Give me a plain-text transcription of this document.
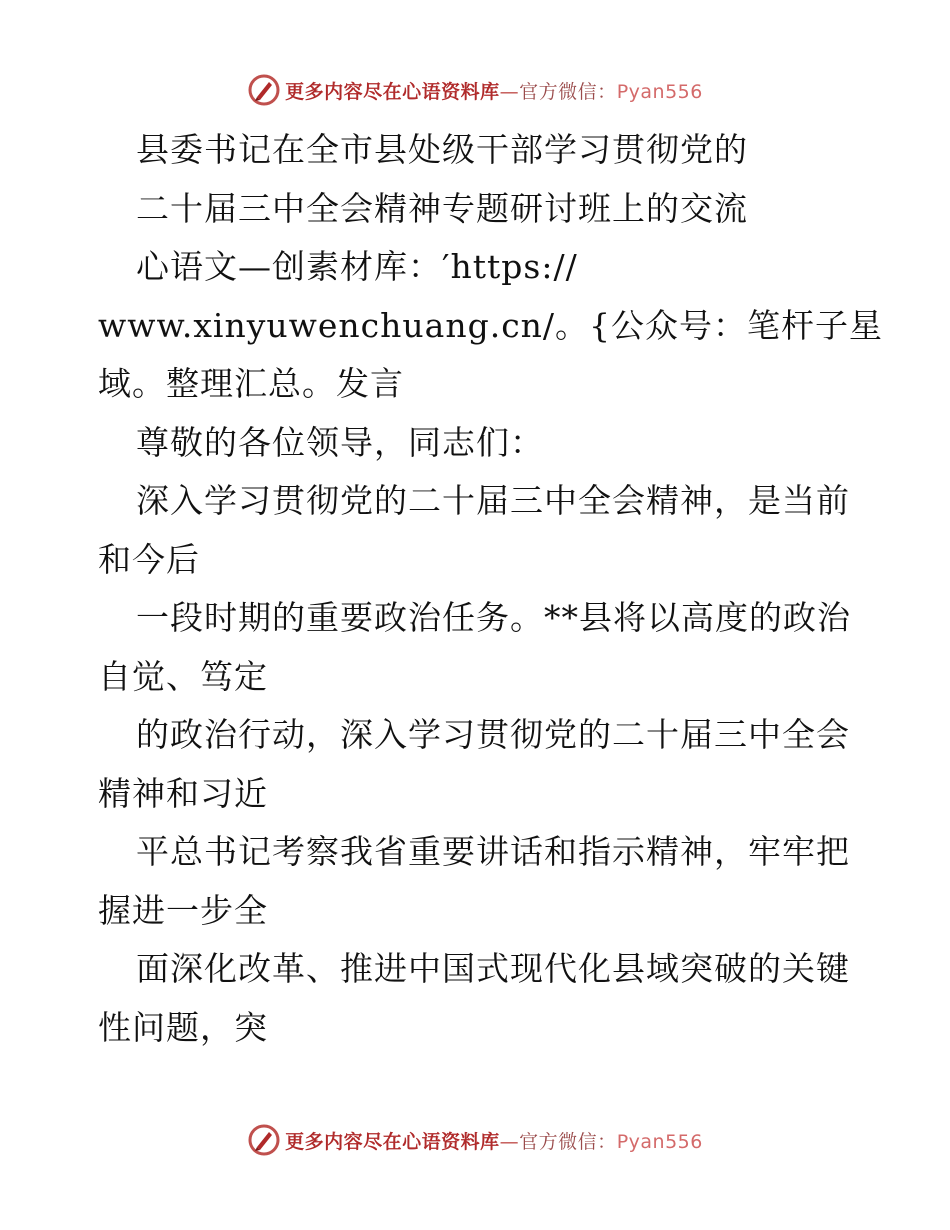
更多内容尽在心语资料库—官方微信：Pyan556
县委书记在全市县处级干部学习贯彻党的
二十届三中全会精神专题研讨班上的交流
心语文—创素材库：′https://
www.xinyuwenchuang.cn/。{公众号：笔杆子星
域。整理汇总。发言
尊敬的各位领导，同志们：
深入学习贯彻党的二十届三中全会精神，是当前
和今后
一段时期的重要政治任务。**县将以高度的政治
自觉、笃定
的政治行动，深入学习贯彻党的二十届三中全会
精神和习近
平总书记考察我省重要讲话和指示精神，牢牢把
握进一步全
面深化改革、推进中国式现代化县域突破的关键
性问题，突
更多内容尽在心语资料库—官方微信：Pyan556
